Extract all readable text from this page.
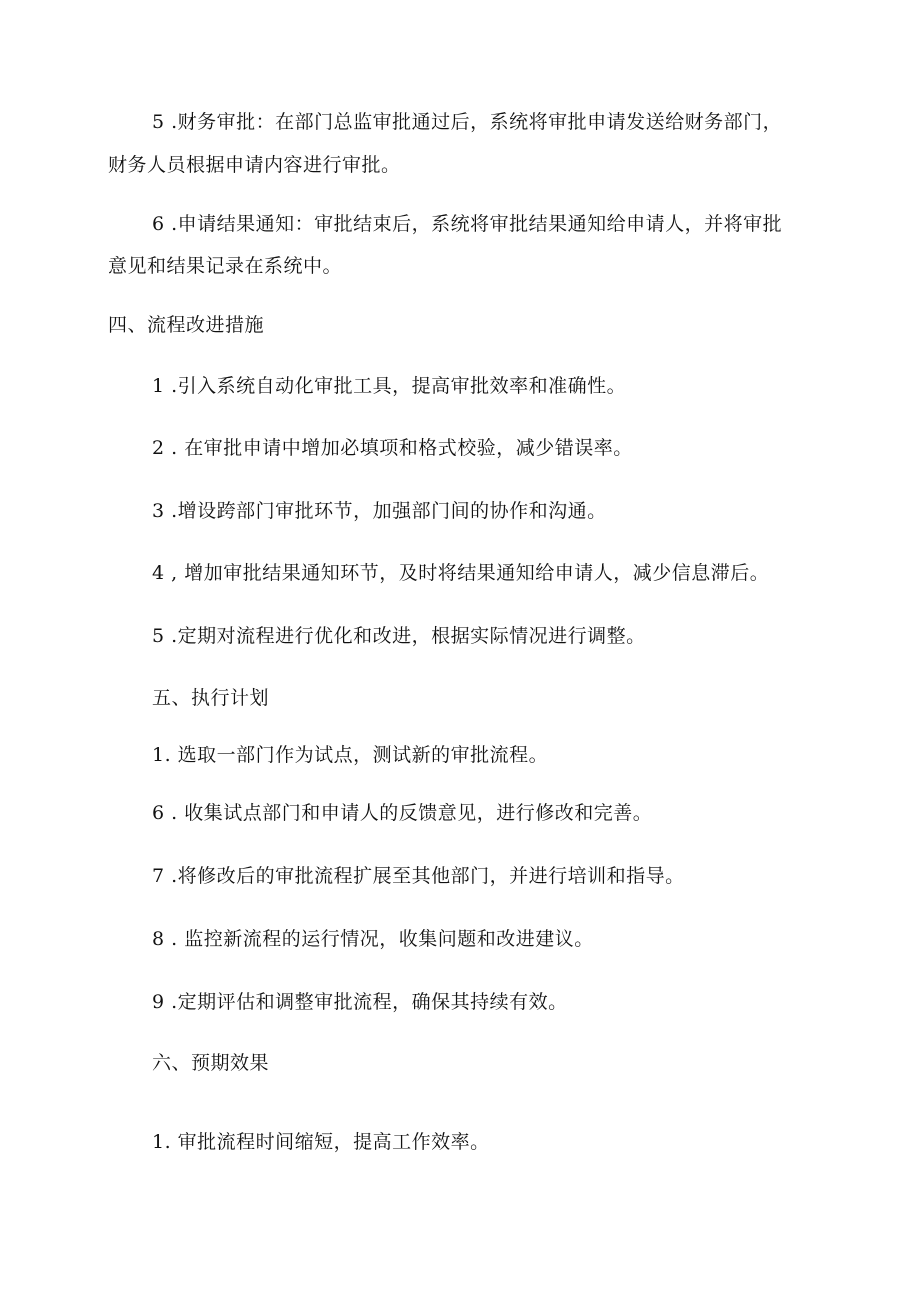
5 .财务审批：在部门总监审批通过后，系统将审批申请发送给财务部门，
财务人员根据申请内容进行审批。
6 .申请结果通知：审批结束后，系统将审批结果通知给申请人，并将审批
意见和结果记录在系统中。
四、流程改进措施
1 .引入系统自动化审批工具，提高审批效率和准确性。
2 . 在审批申请中增加必填项和格式校验，减少错误率。
3 .增设跨部门审批环节，加强部门间的协作和沟通。
4 , 增加审批结果通知环节，及时将结果通知给申请人，减少信息滞后。
5 .定期对流程进行优化和改进，根据实际情况进行调整。
五、执行计划
1. 选取一部门作为试点，测试新的审批流程。
6 . 收集试点部门和申请人的反馈意见，进行修改和完善。
7 .将修改后的审批流程扩展至其他部门，并进行培训和指导。
8 . 监控新流程的运行情况，收集问题和改进建议。
9 .定期评估和调整审批流程，确保其持续有效。
六、预期效果
1. 审批流程时间缩短，提高工作效率。
